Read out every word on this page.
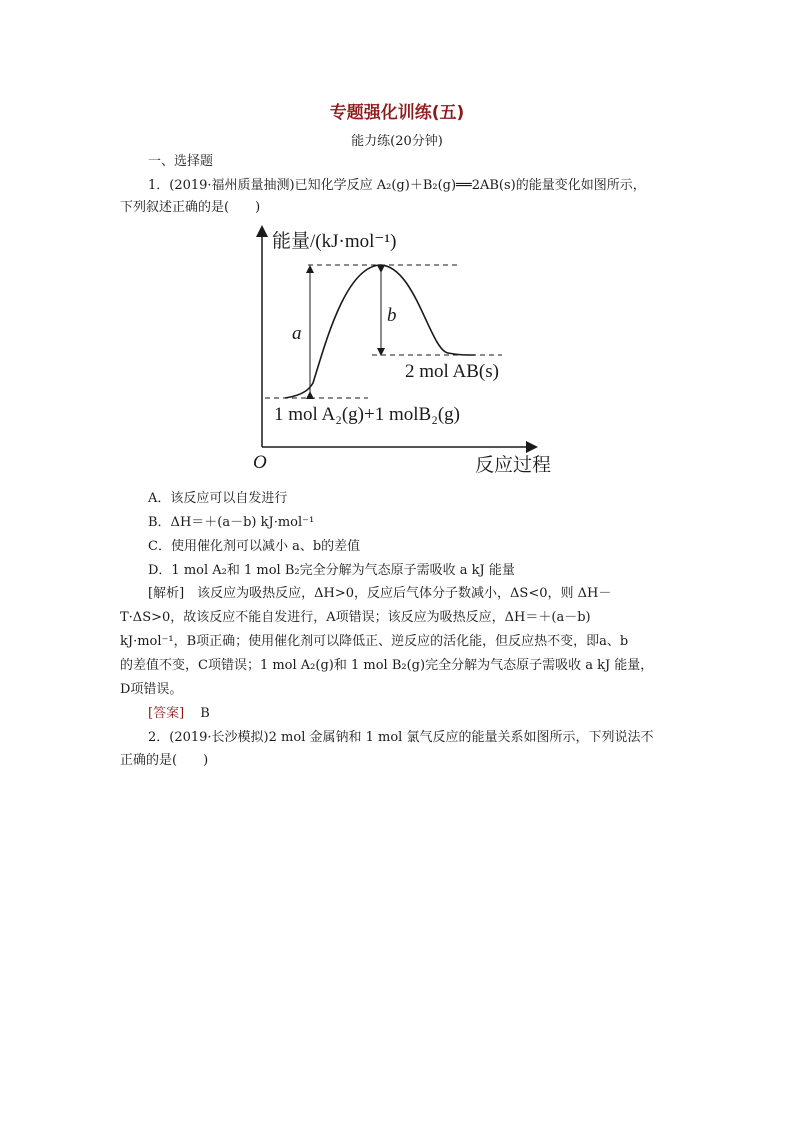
专题强化训练(五)
能力练(20分钟)
一、选择题
1．(2019·福州质量抽测)已知化学反应 A₂(g)＋B₂(g)══2AB(s)的能量变化如图所示，
下列叙述正确的是(　　)
a
b
能量/(kJ·mol⁻¹)
2 mol AB(s)
1 mol A₂(g)+1 molB₂(g)
O	反应过程
A．该反应可以自发进行
B．ΔH＝＋(a－b) kJ·mol⁻¹
C．使用催化剂可以减小 a、b的差值
D．1 mol A₂和 1 mol B₂完全分解为气态原子需吸收 a kJ 能量
[解析]　该反应为吸热反应，ΔH>0，反应后气体分子数减小，ΔS<0，则 ΔH－
T·ΔS>0，故该反应不能自发进行，A项错误；该反应为吸热反应，ΔH＝＋(a－b)
kJ·mol⁻¹，B项正确；使用催化剂可以降低正、逆反应的活化能，但反应热不变，即a、b
的差值不变，C项错误；1 mol A₂(g)和 1 mol B₂(g)完全分解为气态原子需吸收 a kJ 能量，
D项错误。
[答案] B
2．(2019·长沙模拟)2 mol 金属钠和 1 mol 氯气反应的能量关系如图所示，下列说法不
正确的是(　　)
